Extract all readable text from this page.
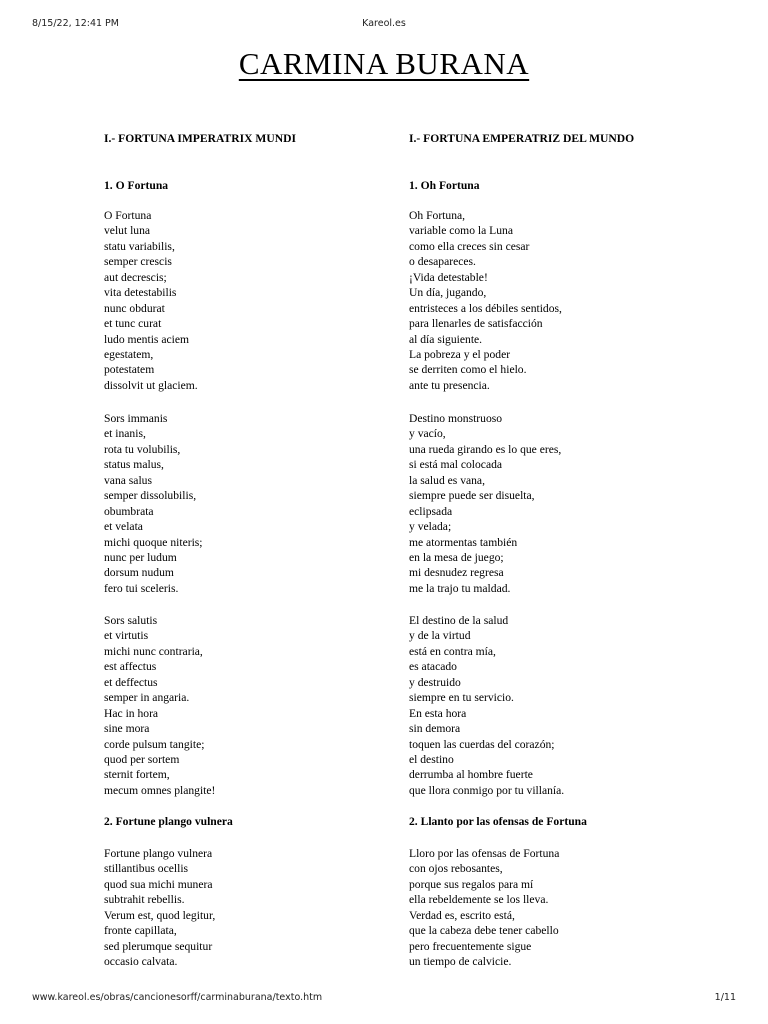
8/15/22, 12:41 PM	Kareol.es
CARMINA BURANA
I.- FORTUNA IMPERATRIX MUNDI
1. O Fortuna
O Fortuna
velut luna
statu variabilis,
semper crescis
aut decrescis;
vita detestabilis
nunc obdurat
et tunc curat
ludo mentis aciem
egestatem,
potestatem
dissolvit ut glaciem.
Sors immanis
et inanis,
rota tu volubilis,
status malus,
vana salus
semper dissolubilis,
obumbrata
et velata
michi quoque niteris;
nunc per ludum
dorsum nudum
fero tui sceleris.
Sors salutis
et virtutis
michi nunc contraria,
est affectus
et deffectus
semper in angaria.
Hac in hora
sine mora
corde pulsum tangite;
quod per sortem
sternit fortem,
mecum omnes plangite!
2. Fortune plango vulnera
Fortune plango vulnera
stillantibus ocellis
quod sua michi munera
subtrahit rebellis.
Verum est, quod legitur,
fronte capillata,
sed plerumque sequitur
occasio calvata.
I.- FORTUNA EMPERATRIZ DEL MUNDO
1. Oh Fortuna
Oh Fortuna,
variable como la Luna
como ella creces sin cesar
o desapareces.
¡Vida detestable!
Un día, jugando,
entristeces a los débiles sentidos,
para llenarles de satisfacción
al día siguiente.
La pobreza y el poder
se derriten como el hielo.
ante tu presencia.
Destino monstruoso
y vacío,
una rueda girando es lo que eres,
si está mal colocada
la salud es vana,
siempre puede ser disuelta,
eclipsada
y velada;
me atormentas también
en la mesa de juego;
mi desnudez regresa
me la trajo tu maldad.
El destino de la salud
y de la virtud
está en contra mía,
es atacado
y destruido
siempre en tu servicio.
En esta hora
sin demora
toquen las cuerdas del corazón;
el destino
derrumba al hombre fuerte
que llora conmigo por tu villanía.
2. Llanto por las ofensas de Fortuna
Lloro por las ofensas de Fortuna
con ojos rebosantes,
porque sus regalos para mí
ella rebeldemente se los lleva.
Verdad es, escrito está,
que la cabeza debe tener cabello
pero frecuentemente sigue
un tiempo de calvicie.
www.kareol.es/obras/cancionesorff/carminaburana/texto.htm	1/11
